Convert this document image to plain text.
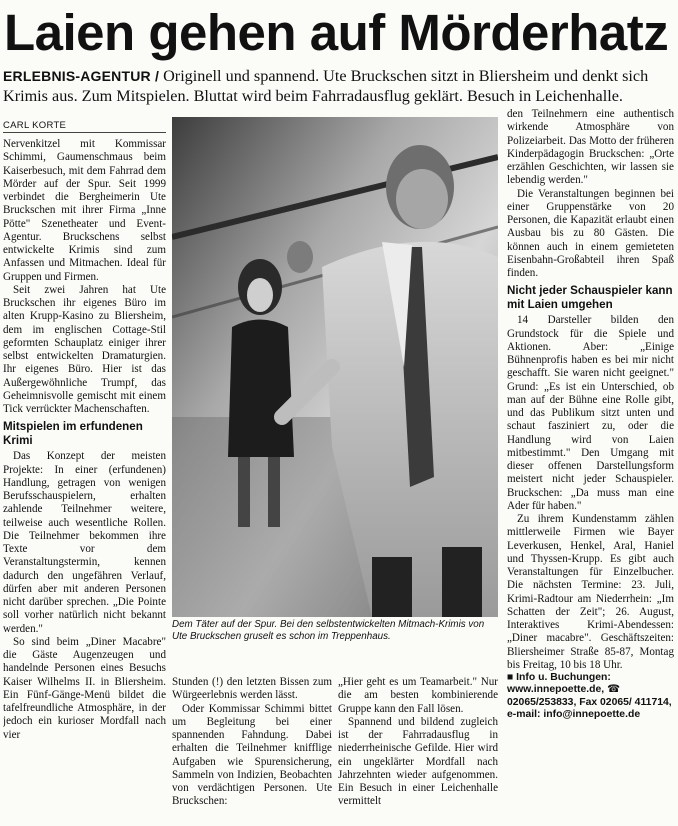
Laien gehen auf Mörderhatz
ERLEBNIS-AGENTUR / Originell und spannend. Ute Bruckschen sitzt in Bliersheim und denkt sich Krimis aus. Zum Mitspielen. Bluttat wird beim Fahrradausflug geklärt. Besuch in Leichenhalle.
CARL KORTE

Nervenkitzel mit Kommissar Schimmi, Gaumenschmaus beim Kaiserbesuch, mit dem Fahrrad dem Mörder auf der Spur. Seit 1999 verbindet die Bergheimerin Ute Bruckschen mit ihrer Firma „Inne Pötte" Szenetheater und Event-Agentur. Bruckschens selbst entwickelte Krimis sind zum Anfassen und Mitmachen. Ideal für Gruppen und Firmen.

Seit zwei Jahren hat Ute Bruckschen ihr eigenes Büro im alten Krupp-Kasino zu Bliersheim, dem im englischen Cottage-Stil geformten Schauplatz einiger ihrer selbst entwickelten Dramaturgien. Ihr eigenes Büro. Hier ist das Außergewöhnliche Trumpf, das Geheimnisvolle gemischt mit einem Tick verrückter Machenschaften.

Mitspielen im erfundenen Krimi

Das Konzept der meisten Projekte: In einer (erfundenen) Handlung, getragen von wenigen Berufsschauspielern, erhalten zahlende Teilnehmer weitere, teilweise auch wesentliche Rollen. Die Teilnehmer bekommen ihre Texte vor dem Veranstaltungstermin, kennen dadurch den ungefähren Verlauf, dürfen aber mit anderen Personen nicht darüber sprechen. „Die Pointe soll vorher natürlich nicht bekannt werden."

So sind beim „Diner Macabre" die Gäste Augenzeugen und handelnde Personen eines Besuchs Kaiser Wilhelms II. in Bliersheim. Ein Fünf-Gänge-Menü bildet die tafelfreundliche Atmosphäre, in der jedoch ein kurioser Mordfall nach vier

Dem Täter auf der Spur. Bei den selbstentwickelten Mitmach-Krimis von Ute Bruckschen gruselt es schon im Treppenhaus.

Stunden (!) den letzten Bissen zum Würgeerlebnis werden lässt.

Oder Kommissar Schimmi bittet um Begleitung bei einer spannenden Fahndung. Dabei erhalten die Teilnehmer knifflige Aufgaben wie Spurensicherung, Sammeln von Indizien, Beobachten von verdächtigen Personen. Ute Bruckschen:

„Hier geht es um Teamarbeit." Nur die am besten kombinierende Gruppe kann den Fall lösen.

Spannend und bildend zugleich ist der Fahrradausflug in niederrheinische Gefilde. Hier wird ein ungeklärter Mordfall nach Jahrzehnten wieder aufgenommen. Ein Besuch in einer Leichenhalle vermittelt

den Teilnehmern eine authentisch wirkende Atmosphäre von Polizeiarbeit. Das Motto der früheren Kinderpädagogin Bruckschen: „Orte erzählen Geschichten, wir lassen sie lebendig werden."

Die Veranstaltungen beginnen bei einer Gruppenstärke von 20 Personen, die Kapazität erlaubt einen Ausbau bis zu 80 Gästen. Die können auch in einem gemieteten Eisenbahn-Großabteil ihren Spaß finden.

Nicht jeder Schauspieler kann mit Laien umgehen

14 Darsteller bilden den Grundstock für die Spiele und Aktionen. Aber: „Einige Bühnenprofis haben es bei mir nicht geschafft. Sie waren nicht geeignet." Grund: „Es ist ein Unterschied, ob man auf der Bühne eine Rolle gibt, und das Publikum sitzt unten und schaut fasziniert zu, oder die Handlung wird von Laien mitbestimmt." Den Umgang mit dieser offenen Darstellungsform meistert nicht jeder Schauspieler. Bruckschen: „Da muss man eine Ader für haben."

Zu ihrem Kundenstamm zählen mittlerweile Firmen wie Bayer Leverkusen, Henkel, Aral, Haniel und Thyssen-Krupp. Es gibt auch Veranstaltungen für Einzelbucher. Die nächsten Termine: 23. Juli, Krimi-Radtour am Niederrhein: „Im Schatten der Zeit"; 26. August, Interaktives Krimi-Abendessen: „Diner macabre". Geschäftszeiten: Bliersheimer Straße 85-87, Montag bis Freitag, 10 bis 18 Uhr.

■ Info u. Buchungen: www.innepoette.de, ☎ 02065/253833, Fax 02065/ 411714, e-mail: info@innepoette.de
